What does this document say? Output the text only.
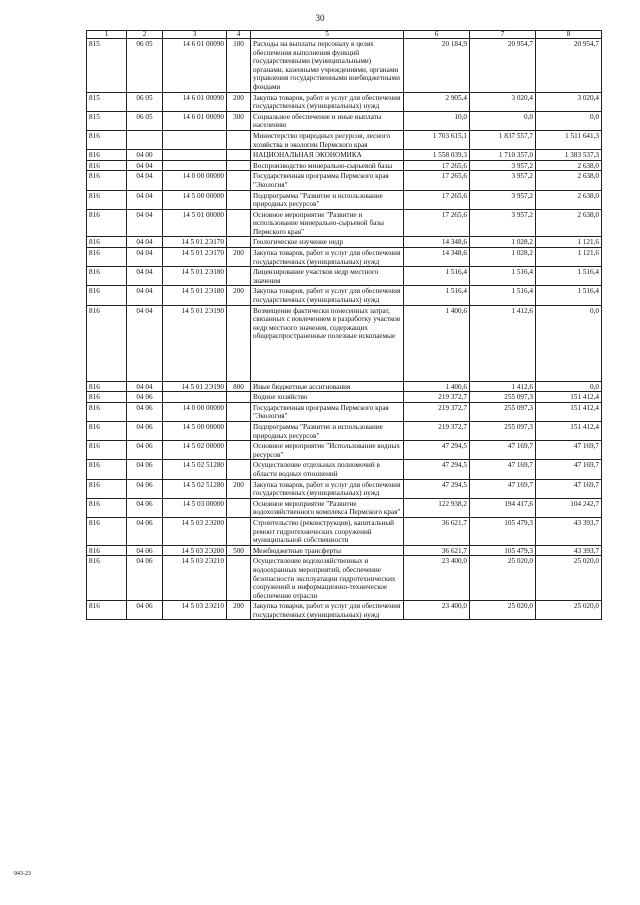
30
1	2	3	4	5	6	7	8
815	06 05	14 6 01 00090	100	Расходы на выплаты персоналу в целях обеспечения выполнения функций государственными (муниципальными) органами, казенными учреждениями, органами управления государственными внебюджетными фондами	20 184,9	20 954,7	20 954,7
815	06 05	14 6 01 00090	200	Закупка товаров, работ и услуг для обеспечения государственных (муниципальных) нужд	2 905,4	3 020,4	3 020,4
815	06 05	14 6 01 00090	300	Социальное обеспечение и иные выплаты населению	10,0	0,0	0,0
816				Министерство природных ресурсов, лесного хозяйства и экологии Пермского края	1 703 615,1	1 837 557,7	1 511 641,3
816	04 00			НАЦИОНАЛЬНАЯ ЭКОНОМИКА	1 558 039,3	1 710 357,0	1 383 537,3
816	04 04			Воспроизводство минерально-сырьевой базы	17 265,6	3 957,2	2 638,0
816	04 04	14 0 00 00000		Государственная программа Пермского края "Экология"	17 265,6	3 957,2	2 638,0
816	04 04	14 5 00 00000		Подпрограмма "Развитие и использование природных ресурсов"	17 265,6	3 957,2	2 638,0
816	04 04	14 5 01 00000		Основное мероприятие "Развитие и использование минерально-сырьевой базы Пермского края"	17 265,6	3 957,2	2 638,0
816	04 04	14 5 01 2Э170		Геологическое изучение недр	14 348,6	1 028,2	1 121,6
816	04 04	14 5 01 2Э170	200	Закупка товаров, работ и услуг для обеспечения государственных (муниципальных) нужд	14 348,6	1 028,2	1 121,6
816	04 04	14 5 01 2Э180		Лицензирование участков недр местного значения	1 516,4	1 516,4	1 516,4
816	04 04	14 5 01 2Э180	200	Закупка товаров, работ и услуг для обеспечения государственных (муниципальных) нужд	1 516,4	1 516,4	1 516,4
816	04 04	14 5 01 2Э190		Возмещение фактически понесенных затрат, связанных с вовлечением в разработку участков недр местного значения, содержащих общераспространенные полезные ископаемые	1 400,6	1 412,6	0,0
816	04 04	14 5 01 2Э190	800	Иные бюджетные ассигнования	1 400,6	1 412,6	0,0
816	04 06			Водное хозяйство	219 372,7	255 097,3	151 412,4
816	04 06	14 0 00 00000		Государственная программа Пермского края "Экология"	219 372,7	255 097,3	151 412,4
816	04 06	14 5 00 00000		Подпрограмма "Развитие и использование природных ресурсов"	219 372,7	255 097,3	151 412,4
816	04 06	14 5 02 00000		Основное мероприятие "Использование водных ресурсов"	47 294,5	47 169,7	47 169,7
816	04 06	14 5 02 51280		Осуществление отдельных полномочий в области водных отношений	47 294,5	47 169,7	47 169,7
816	04 06	14 5 02 51280	200	Закупка товаров, работ и услуг для обеспечения государственных (муниципальных) нужд	47 294,5	47 169,7	47 169,7
816	04 06	14 5 03 00000		Основное мероприятие "Развитие водохозяйственного комплекса Пермского края"	122 938,2	194 417,6	104 242,7
816	04 06	14 5 03 2Э200		Строительство (реконструкция), капитальный ремонт гидротехнических сооружений муниципальной собственности	36 621,7	105 479,3	43 393,7
816	04 06	14 5 03 2Э200	500	Межбюджетные трансферты	36 621,7	105 479,3	43 393,7
816	04 06	14 5 03 2Э210		Осуществление водохозяйственных и водоохранных мероприятий, обеспечение безопасности эксплуатации гидротехнических сооружений и информационно-техническое обеспечение отрасли	23 400,0	25 020,0	25 020,0
816	04 06	14 5 03 2Э210	200	Закупка товаров, работ и услуг для обеспечения государственных (муниципальных) нужд	23 400,0	25 020,0	25 020,0
943-23
